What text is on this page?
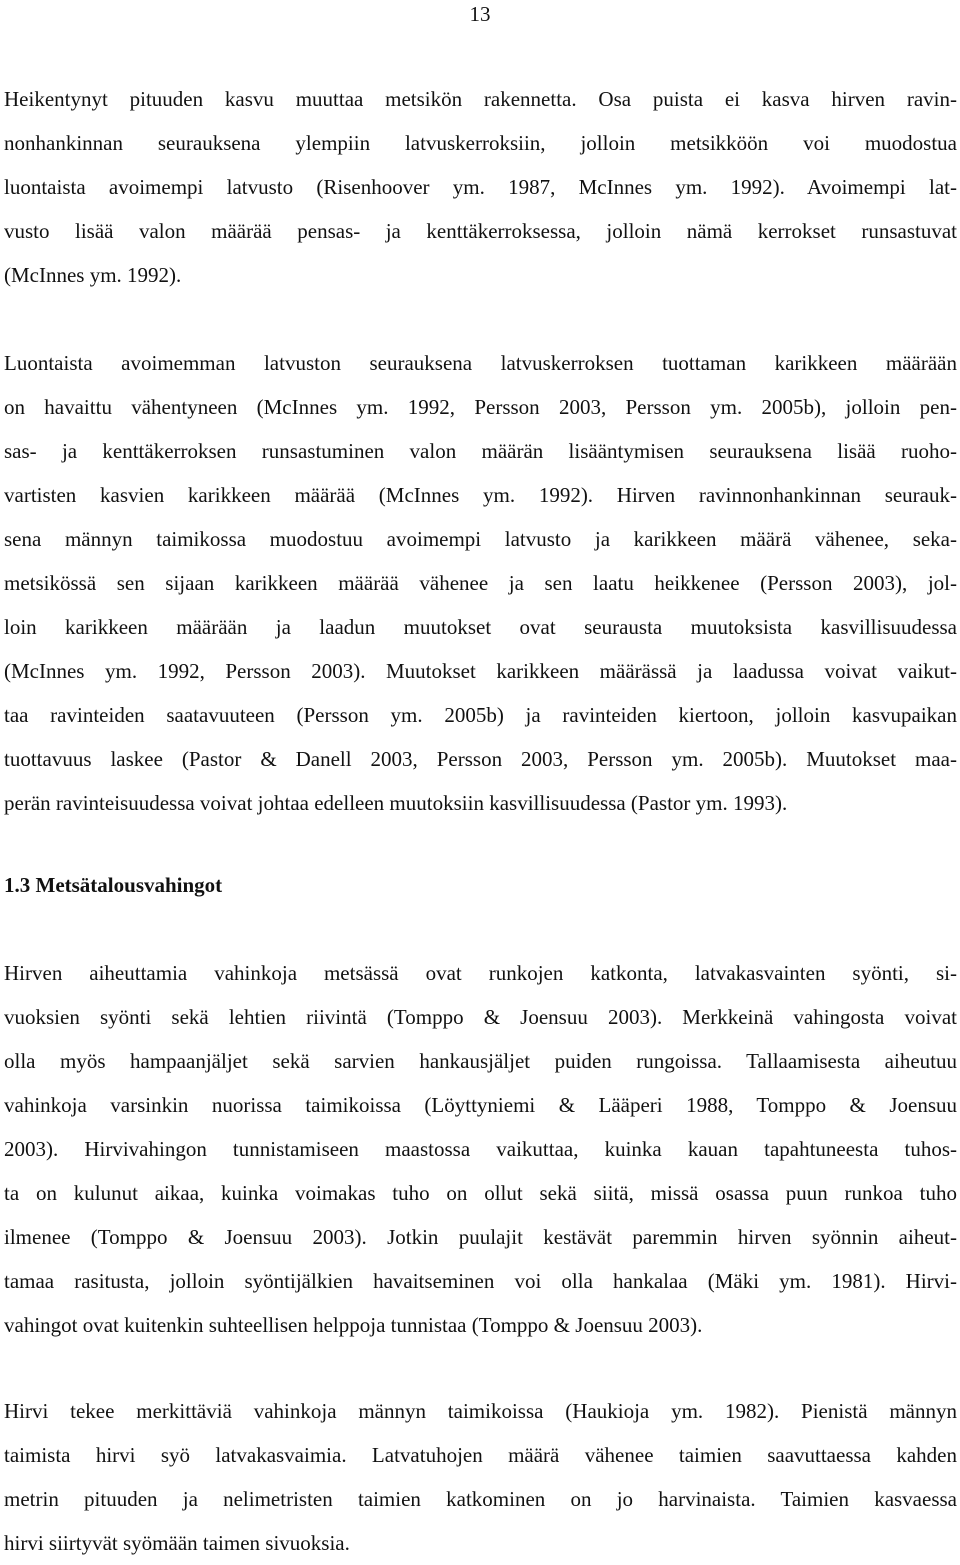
13

Heikentynyt pituuden kasvu muuttaa metsikön rakennetta. Osa puista ei kasva hirven ravin-
nonhankinnan seurauksena ylempiin latvuskerroksiin, jolloin metsikköön voi muodostua
luontaista avoimempi latvusto (Risenhoover ym. 1987, McInnes ym. 1992). Avoimempi lat-
vusto lisää valon määrää pensas- ja kenttäkerroksessa, jolloin nämä kerrokset runsastuvat
(McInnes ym. 1992).

Luontaista avoimemman latvuston seurauksena latvuskerroksen tuottaman karikkeen määrään
on havaittu vähentyneen (McInnes ym. 1992, Persson 2003, Persson ym. 2005b), jolloin pen-
sas- ja kenttäkerroksen runsastuminen valon määrän lisääntymisen seurauksena lisää ruoho-
vartisten kasvien karikkeen määrää (McInnes ym. 1992). Hirven ravinnonhankinnan seurauk-
sena männyn taimikossa muodostuu avoimempi latvusto ja karikkeen määrä vähenee, seka-
metsikössä sen sijaan karikkeen määrää vähenee ja sen laatu heikkenee (Persson 2003), jol-
loin karikkeen määrään ja laadun muutokset ovat seurausta muutoksista kasvillisuudessa
(McInnes ym. 1992, Persson 2003). Muutokset karikkeen määrässä ja laadussa voivat vaikut-
taa ravinteiden saatavuuteen (Persson ym. 2005b) ja ravinteiden kiertoon, jolloin kasvupaikan
tuottavuus laskee (Pastor & Danell 2003, Persson 2003, Persson ym. 2005b). Muutokset maa-
perän ravinteisuudessa voivat johtaa edelleen muutoksiin kasvillisuudessa (Pastor ym. 1993).

1.3 Metsätalousvahingot

Hirven aiheuttamia vahinkoja metsässä ovat runkojen katkonta, latvakasvainten syönti, si-
vuoksien syönti sekä lehtien riivintä (Tomppo & Joensuu 2003). Merkkeinä vahingosta voivat
olla myös hampaanjäljet sekä sarvien hankausjäljet puiden rungoissa. Tallaamisesta aiheutuu
vahinkoja varsinkin nuorissa taimikoissa (Löyttyniemi & Lääperi 1988, Tomppo & Joensuu
2003). Hirvivahingon tunnistamiseen maastossa vaikuttaa, kuinka kauan tapahtuneesta tuhos-
ta on kulunut aikaa, kuinka voimakas tuho on ollut sekä siitä, missä osassa puun runkoa tuho
ilmenee (Tomppo & Joensuu 2003). Jotkin puulajit kestävät paremmin hirven syönnin aiheut-
tamaa rasitusta, jolloin syöntijälkien havaitseminen voi olla hankalaa (Mäki ym. 1981). Hirvi-
vahingot ovat kuitenkin suhteellisen helppoja tunnistaa (Tomppo & Joensuu 2003).

Hirvi tekee merkittäviä vahinkoja männyn taimikoissa (Haukioja ym. 1982). Pienistä männyn
taimista hirvi syö latvakasvaimia. Latvatuhojen määrä vähenee taimien saavuttaessa kahden
metrin pituuden ja nelimetristen taimien katkominen on jo harvinaista. Taimien kasvaessa
hirvi siirtyvät syömään taimen sivuoksia.
